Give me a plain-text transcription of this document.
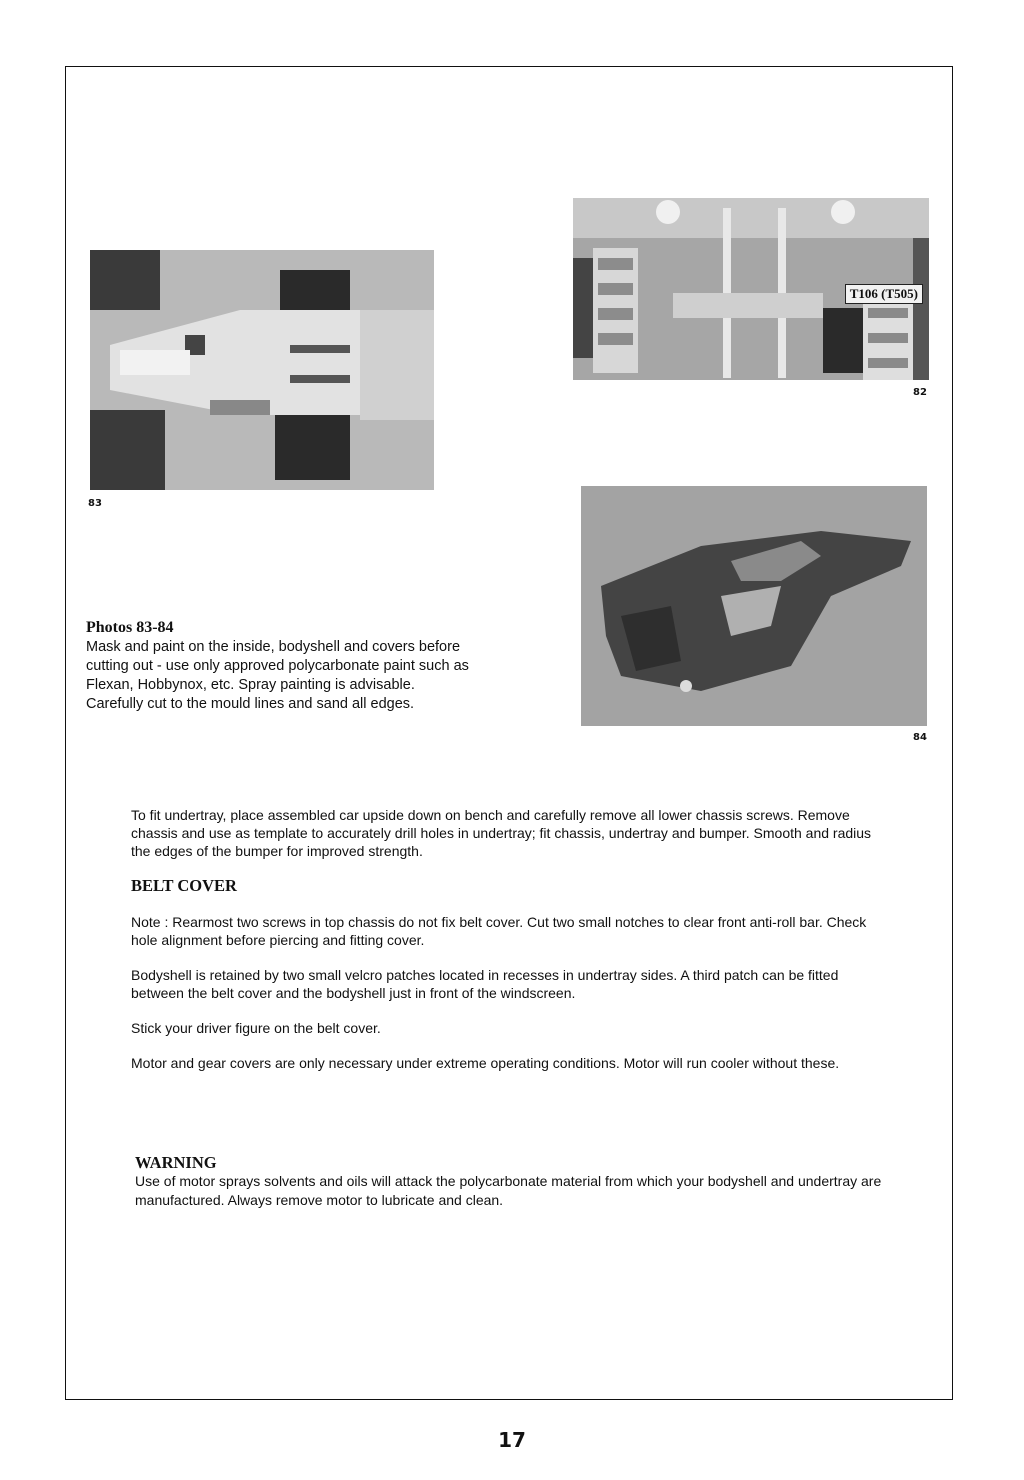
T106 (T505)
82
83
84
Photos 83-84
Mask and paint on the inside, bodyshell and covers before cutting out - use only approved polycarbonate paint such as Flexan, Hobbynox, etc. Spray painting is advisable. Carefully cut to the mould lines and sand all edges.

To fit undertray, place assembled car upside down on bench and carefully remove all lower chassis screws. Remove chassis and use as template to accurately drill holes in undertray; fit chassis, undertray and bumper. Smooth and radius the edges of the bumper for improved strength.

BELT COVER

Note : Rearmost two screws in top chassis do not fix belt cover. Cut two small notches to clear front anti-roll bar. Check hole alignment before piercing and fitting cover.

Bodyshell is retained by two small velcro patches located in recesses in undertray sides. A third patch can be fitted between the belt cover and the bodyshell just in front of the windscreen.

Stick your driver figure on the belt cover.

Motor and gear covers are only necessary under extreme operating conditions. Motor will run cooler without these.

WARNING
Use of motor sprays solvents and oils will attack the polycarbonate material from which your bodyshell and undertray are manufactured. Always remove motor to lubricate and clean.
17
